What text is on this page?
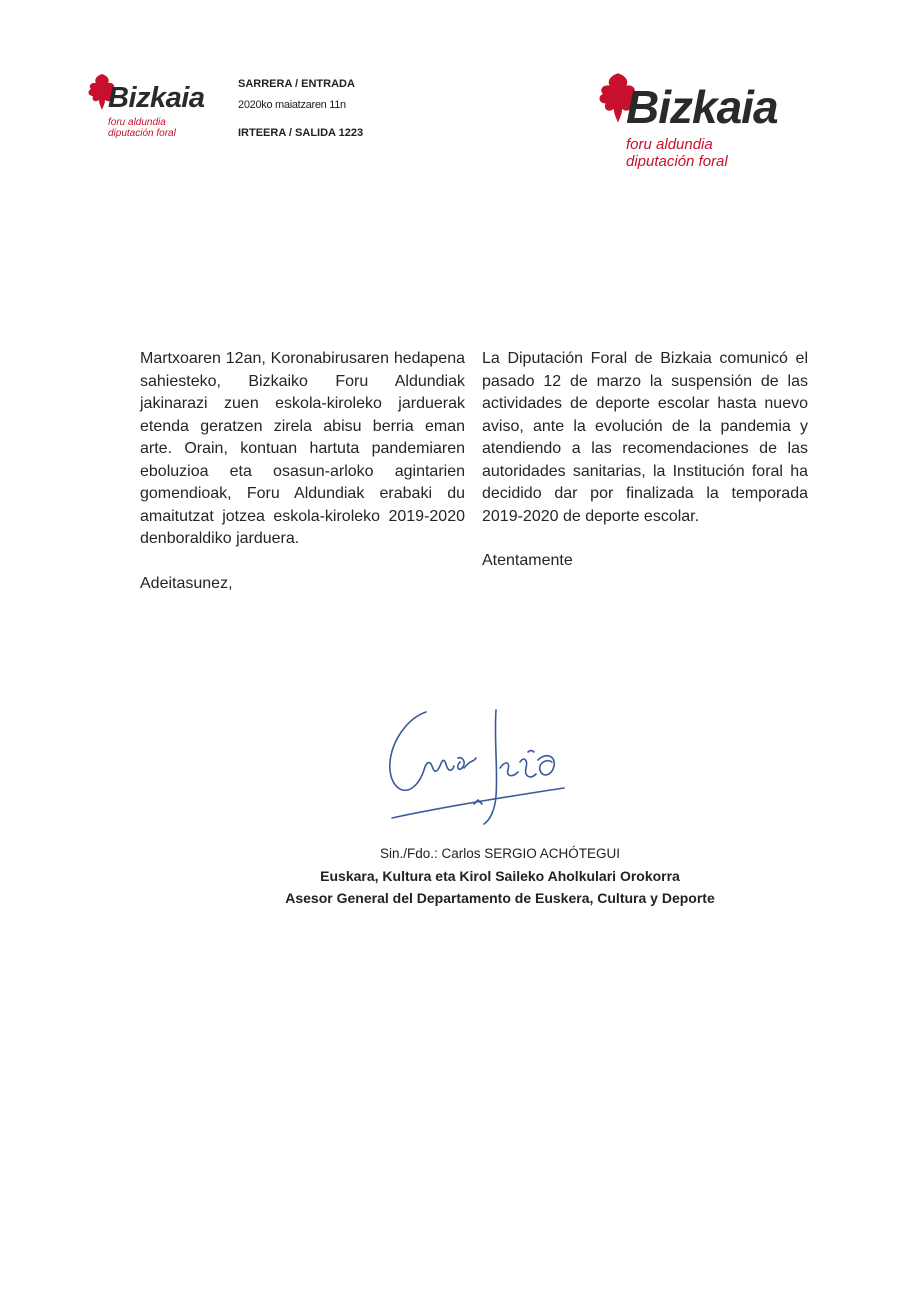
Bizkaia
foru aldundia
diputación foral
SARRERA / ENTRADA
2020ko maiatzaren 11n
IRTEERA / SALIDA 1223	Bizkaia
foru aldundia
diputación foral

Martxoaren 12an, Koronabirusaren hedapena sahiesteko, Bizkaiko Foru Aldundiak jakinarazi zuen eskola-kiroleko jarduerak etenda geratzen zirela abisu berria eman arte. Orain, kontuan hartuta pandemiaren eboluzioa eta osasun-arloko agintarien gomendioak, Foru Aldundiak erabaki du amaitutzat jotzea eskola-kiroleko 2019-2020 denboraldiko jarduera.

Adeitasunez,

La Diputación Foral de Bizkaia comunicó el pasado 12 de marzo la suspensión de las actividades de deporte escolar hasta nuevo aviso, ante la evolución de la pandemia y atendiendo a las recomendaciones de las autoridades sanitarias, la Institución foral ha decidido dar por finalizada la temporada 2019-2020 de deporte escolar.

Atentamente

Sin./Fdo.: Carlos SERGIO ACHÓTEGUI
Euskara, Kultura eta Kirol Saileko Aholkulari Orokorra
Asesor General del Departamento de Euskera, Cultura y Deporte
